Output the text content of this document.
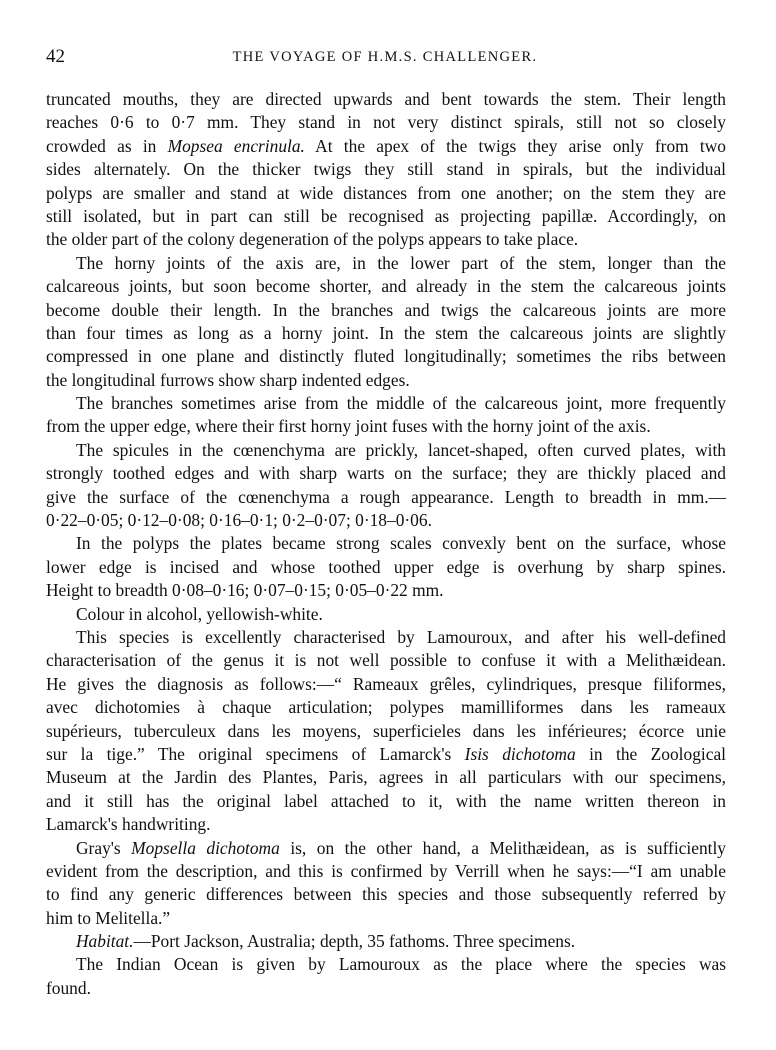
42	THE VOYAGE OF H.M.S. CHALLENGER.
truncated mouths, they are directed upwards and bent towards the stem. Their length
reaches 0·6 to 0·7 mm. They stand in not very distinct spirals, still not so closely
crowded as in Mopsea encrinula. At the apex of the twigs they arise only from two
sides alternately. On the thicker twigs they still stand in spirals, but the individual
polyps are smaller and stand at wide distances from one another; on the stem they are
still isolated, but in part can still be recognised as projecting papillæ. Accordingly, on
the older part of the colony degeneration of the polyps appears to take place.
The horny joints of the axis are, in the lower part of the stem, longer than the
calcareous joints, but soon become shorter, and already in the stem the calcareous joints
become double their length. In the branches and twigs the calcareous joints are more
than four times as long as a horny joint. In the stem the calcareous joints are slightly
compressed in one plane and distinctly fluted longitudinally; sometimes the ribs between
the longitudinal furrows show sharp indented edges.
The branches sometimes arise from the middle of the calcareous joint, more frequently
from the upper edge, where their first horny joint fuses with the horny joint of the axis.
The spicules in the cœnenchyma are prickly, lancet-shaped, often curved plates, with
strongly toothed edges and with sharp warts on the surface; they are thickly placed and
give the surface of the cœnenchyma a rough appearance. Length to breadth in mm.—
0·22–0·05; 0·12–0·08; 0·16–0·1; 0·2–0·07; 0·18–0·06.
In the polyps the plates became strong scales convexly bent on the surface, whose
lower edge is incised and whose toothed upper edge is overhung by sharp spines.
Height to breadth 0·08–0·16; 0·07–0·15; 0·05–0·22 mm.
Colour in alcohol, yellowish-white.
This species is excellently characterised by Lamouroux, and after his well-defined
characterisation of the genus it is not well possible to confuse it with a Melithæidean.
He gives the diagnosis as follows:—“ Rameaux grêles, cylindriques, presque filiformes,
avec dichotomies à chaque articulation; polypes mamilliformes dans les rameaux
supérieurs, tuberculeux dans les moyens, superficieles dans les inférieures; écorce unie
sur la tige.” The original specimens of Lamarck's Isis dichotoma in the Zoological
Museum at the Jardin des Plantes, Paris, agrees in all particulars with our specimens,
and it still has the original label attached to it, with the name written thereon in
Lamarck's handwriting.
Gray's Mopsella dichotoma is, on the other hand, a Melithæidean, as is sufficiently
evident from the description, and this is confirmed by Verrill when he says:—“I am unable
to find any generic differences between this species and those subsequently referred by
him to Melitella.”
Habitat.—Port Jackson, Australia; depth, 35 fathoms. Three specimens.
The Indian Ocean is given by Lamouroux as the place where the species was
found.
